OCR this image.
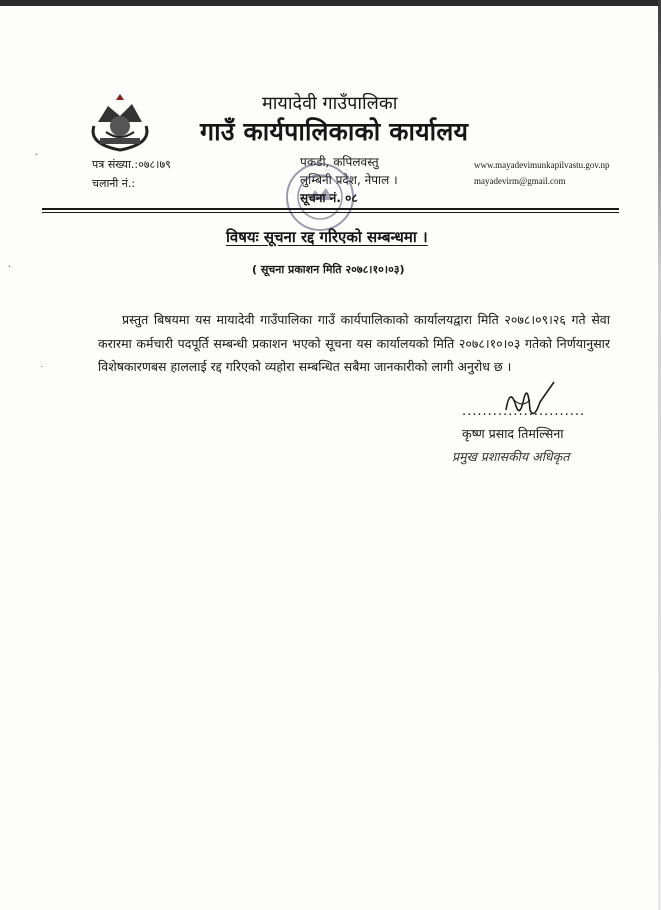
मायादेवी गाउँपालिका
गाउँ कार्यपालिकाको कार्यालय
पत्र संख्या.:०७८।७९
चलानी नं.:
पकडी, कपिलवस्तु
लुम्बिनी प्रदेश, नेपाल ।
www.mayadevimunkapilvastu.gov.np
mayadevirm@gmail.com
सूचना नं. ०८
विषयः सूचना रद्द गरिएको सम्बन्धमा ।
( सूचना प्रकाशन मिति २०७८।१०।०३)
प्रस्तुत बिषयमा यस मायादेवी गाउँपालिका गाउँ कार्यपालिकाको कार्यालयद्वारा मिति २०७८।०९।२६ गते सेवा करारमा कर्मचारी पदपूर्ति सम्बन्धी प्रकाशन भएको सूचना यस कार्यालयको मिति २०७८।१०।०३ गतेको निर्णयानुसार विशेषकारणबस हाललाई रद्द गरिएको व्यहोरा सम्बन्धित सबैमा जानकारीको लागी अनुरोध छ ।
........................
कृष्ण प्रसाद तिमल्सिना
प्रमुख प्रशासकीय अधिकृत
·
·
·
